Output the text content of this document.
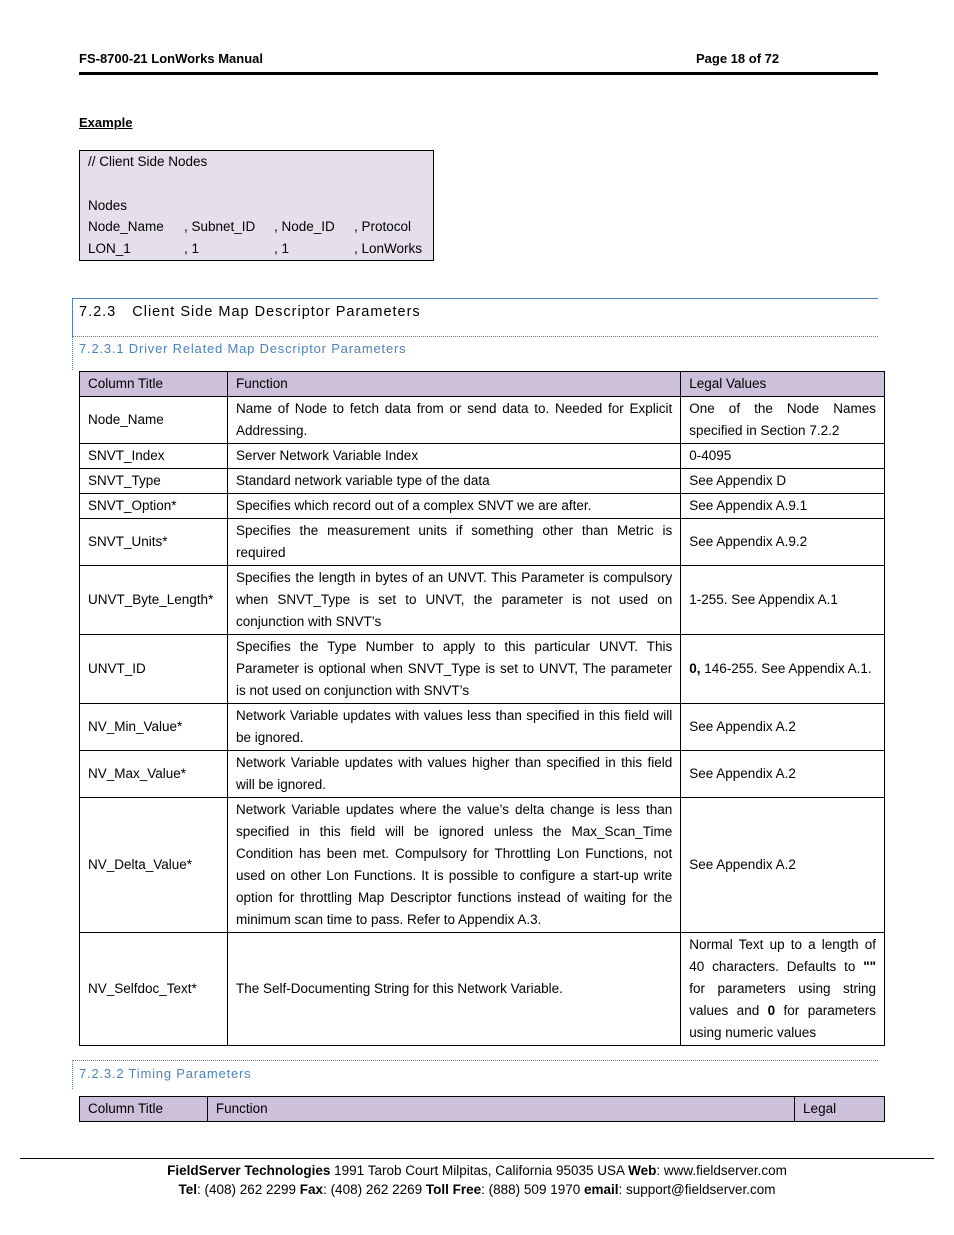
FS-8700-21 LonWorks Manual	Page 18 of 72
Example
// Client Side Nodes
Nodes
Node_Name , Subnet_ID , Node_ID , Protocol
LON_1	, 1	, 1	, LonWorks
7.2.3 Client Side Map Descriptor Parameters
7.2.3.1 Driver Related Map Descriptor Parameters
Column Title	Function	Legal Values
Node_Name	Name of Node to fetch data from or send data to. Needed for Explicit Addressing.	One of the Node Names specified in Section 7.2.2
SNVT_Index	Server Network Variable Index	0-4095
SNVT_Type	Standard network variable type of the data	See Appendix D
SNVT_Option*	Specifies which record out of a complex SNVT we are after.	See Appendix A.9.1
SNVT_Units*	Specifies the measurement units if something other than Metric is required	See Appendix A.9.2
UNVT_Byte_Length*	Specifies the length in bytes of an UNVT. This Parameter is compulsory when SNVT_Type is set to UNVT, the parameter is not used on conjunction with SNVT’s	1-255. See Appendix A.1
UNVT_ID	Specifies the Type Number to apply to this particular UNVT. This Parameter is optional when SNVT_Type is set to UNVT, The parameter is not used on conjunction with SNVT’s	0, 146-255. See Appendix A.1.
NV_Min_Value*	Network Variable updates with values less than specified in this field will be ignored.	See Appendix A.2
NV_Max_Value*	Network Variable updates with values higher than specified in this field will be ignored.	See Appendix A.2
NV_Delta_Value*	Network Variable updates where the value’s delta change is less than specified in this field will be ignored unless the Max_Scan_Time Condition has been met. Compulsory for Throttling Lon Functions, not used on other Lon Functions. It is possible to configure a start-up write option for throttling Map Descriptor functions instead of waiting for the minimum scan time to pass. Refer to Appendix A.3.	See Appendix A.2
NV_Selfdoc_Text*	The Self-Documenting String for this Network Variable.	Normal Text up to a length of 40 characters. Defaults to "" for parameters using string values and 0 for parameters using numeric values
7.2.3.2 Timing Parameters
Column Title	Function	Legal
FieldServer Technologies 1991 Tarob Court Milpitas, California 95035 USA Web: www.fieldserver.com
Tel: (408) 262 2299 Fax: (408) 262 2269 Toll Free: (888) 509 1970 email: support@fieldserver.com
